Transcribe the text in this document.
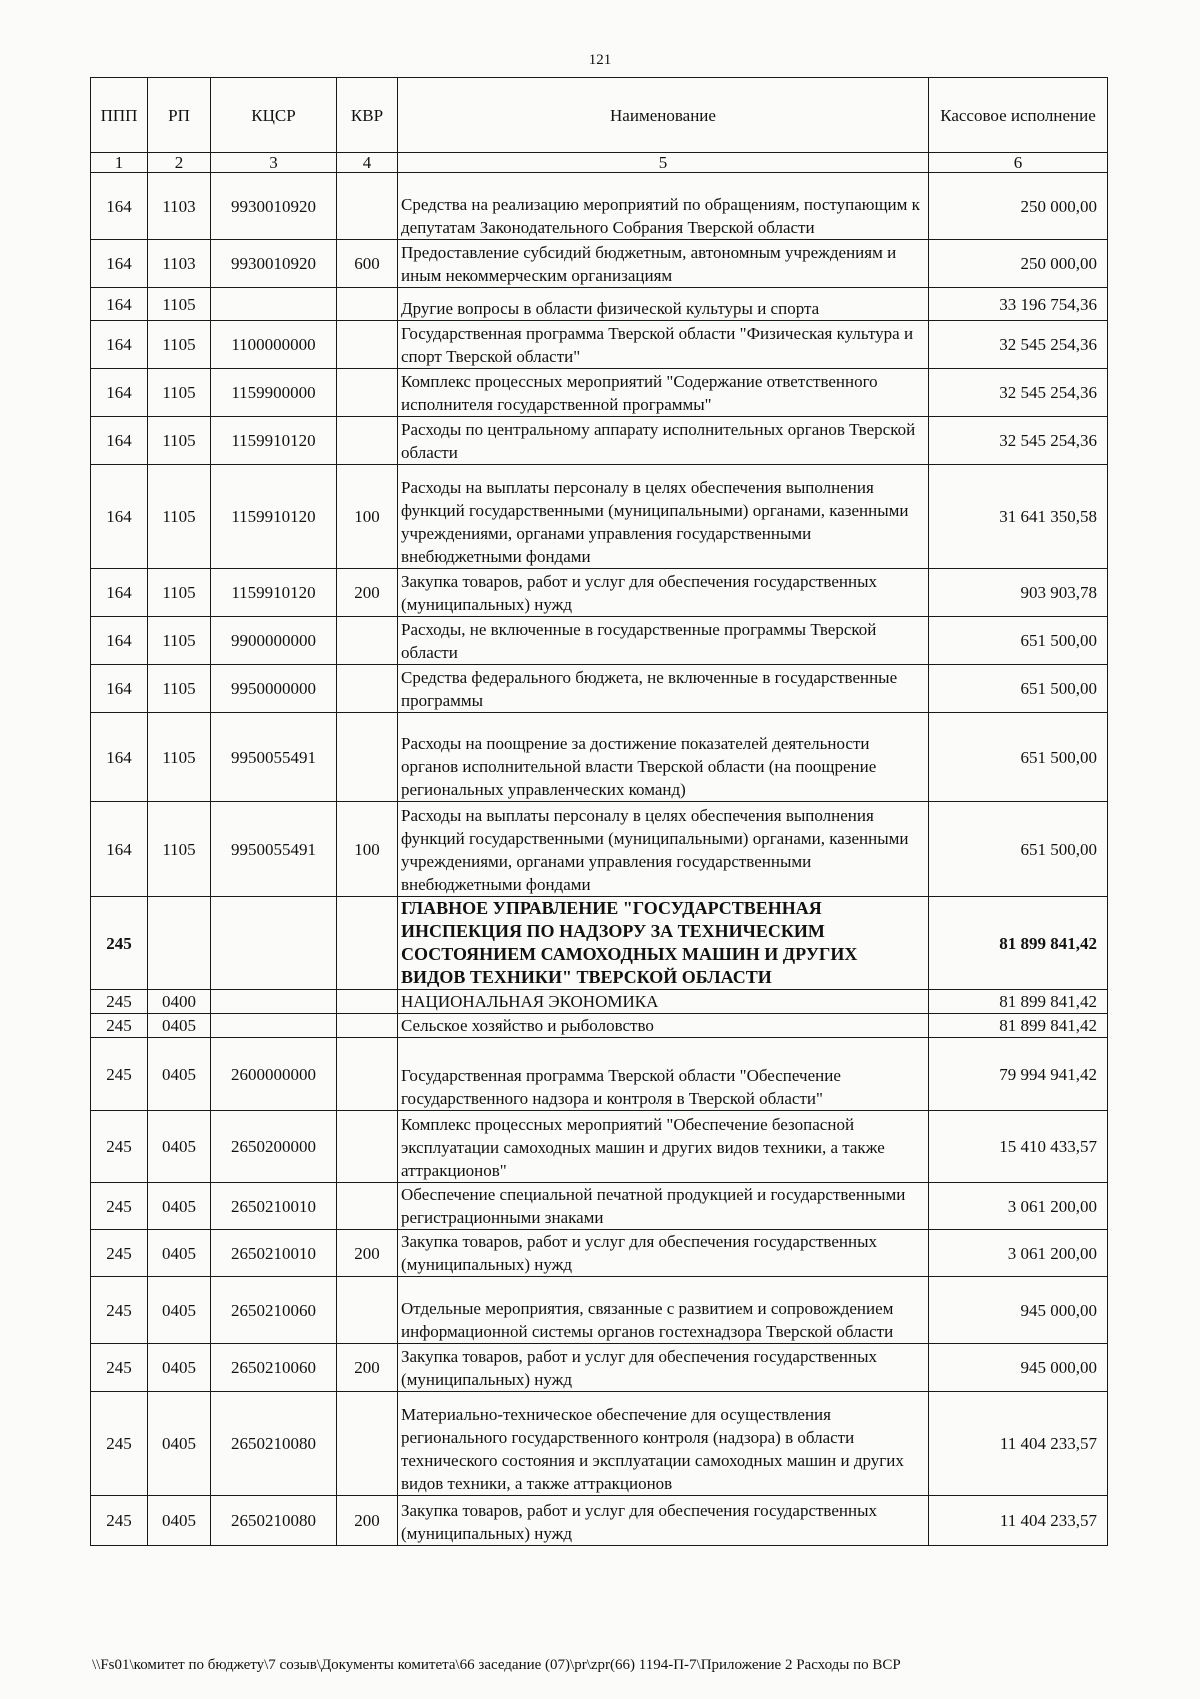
121
ППП	РП	КЦСР	КВР	Наименование	Кассовое исполнение
1	2	3	4	5	6
164	1103	9930010920		Средства на реализацию мероприятий по обращениям, поступающим к депутатам Законодательного Собрания Тверской области	250 000,00
164	1103	9930010920	600	Предоставление субсидий бюджетным, автономным учреждениям и иным некоммерческим организациям	250 000,00
164	1105			Другие вопросы в области физической культуры и спорта	33 196 754,36
164	1105	1100000000		Государственная программа Тверской области "Физическая культура и спорт Тверской области"	32 545 254,36
164	1105	1159900000		Комплекс процессных мероприятий "Содержание ответственного исполнителя государственной программы"	32 545 254,36
164	1105	1159910120		Расходы по центральному аппарату исполнительных органов Тверской области	32 545 254,36
164	1105	1159910120	100	Расходы на выплаты персоналу в целях обеспечения выполнения функций государственными (муниципальными) органами, казенными учреждениями, органами управления государственными внебюджетными фондами	31 641 350,58
164	1105	1159910120	200	Закупка товаров, работ и услуг для обеспечения государственных (муниципальных) нужд	903 903,78
164	1105	9900000000		Расходы, не включенные в государственные программы Тверской области	651 500,00
164	1105	9950000000		Средства федерального бюджета, не включенные в государственные программы	651 500,00
164	1105	9950055491		Расходы на поощрение за достижение показателей деятельности органов исполнительной власти Тверской области (на поощрение региональных управленческих команд)	651 500,00
164	1105	9950055491	100	Расходы на выплаты персоналу в целях обеспечения выполнения функций государственными (муниципальными) органами, казенными учреждениями, органами управления государственными внебюджетными фондами	651 500,00
245				ГЛАВНОЕ УПРАВЛЕНИЕ "ГОСУДАРСТВЕННАЯ ИНСПЕКЦИЯ ПО НАДЗОРУ ЗА ТЕХНИЧЕСКИМ СОСТОЯНИЕМ САМОХОДНЫХ МАШИН И ДРУГИХ ВИДОВ ТЕХНИКИ" ТВЕРСКОЙ ОБЛАСТИ	81 899 841,42
245	0400			НАЦИОНАЛЬНАЯ ЭКОНОМИКА	81 899 841,42
245	0405			Сельское хозяйство и рыболовство	81 899 841,42
245	0405	2600000000		Государственная программа Тверской области "Обеспечение государственного надзора и контроля в Тверской области"	79 994 941,42
245	0405	2650200000		Комплекс процессных мероприятий "Обеспечение безопасной эксплуатации самоходных машин и других видов техники, а также аттракционов"	15 410 433,57
245	0405	2650210010		Обеспечение специальной печатной продукцией и государственными регистрационными знаками	3 061 200,00
245	0405	2650210010	200	Закупка товаров, работ и услуг для обеспечения государственных (муниципальных) нужд	3 061 200,00
245	0405	2650210060		Отдельные мероприятия, связанные с развитием и сопровождением информационной системы органов гостехнадзора Тверской области	945 000,00
245	0405	2650210060	200	Закупка товаров, работ и услуг для обеспечения государственных (муниципальных) нужд	945 000,00
245	0405	2650210080		Материально-техническое обеспечение для осуществления регионального государственного контроля (надзора) в области технического состояния и эксплуатации самоходных машин и других видов техники, а также аттракционов	11 404 233,57
245	0405	2650210080	200	Закупка товаров, работ и услуг для обеспечения государственных (муниципальных) нужд	11 404 233,57
\\Fs01\комитет по бюджету\7 созыв\Документы комитета\66 заседание (07)\pr\zpr(66) 1194-П-7\Приложение 2 Расходы по ВСР
